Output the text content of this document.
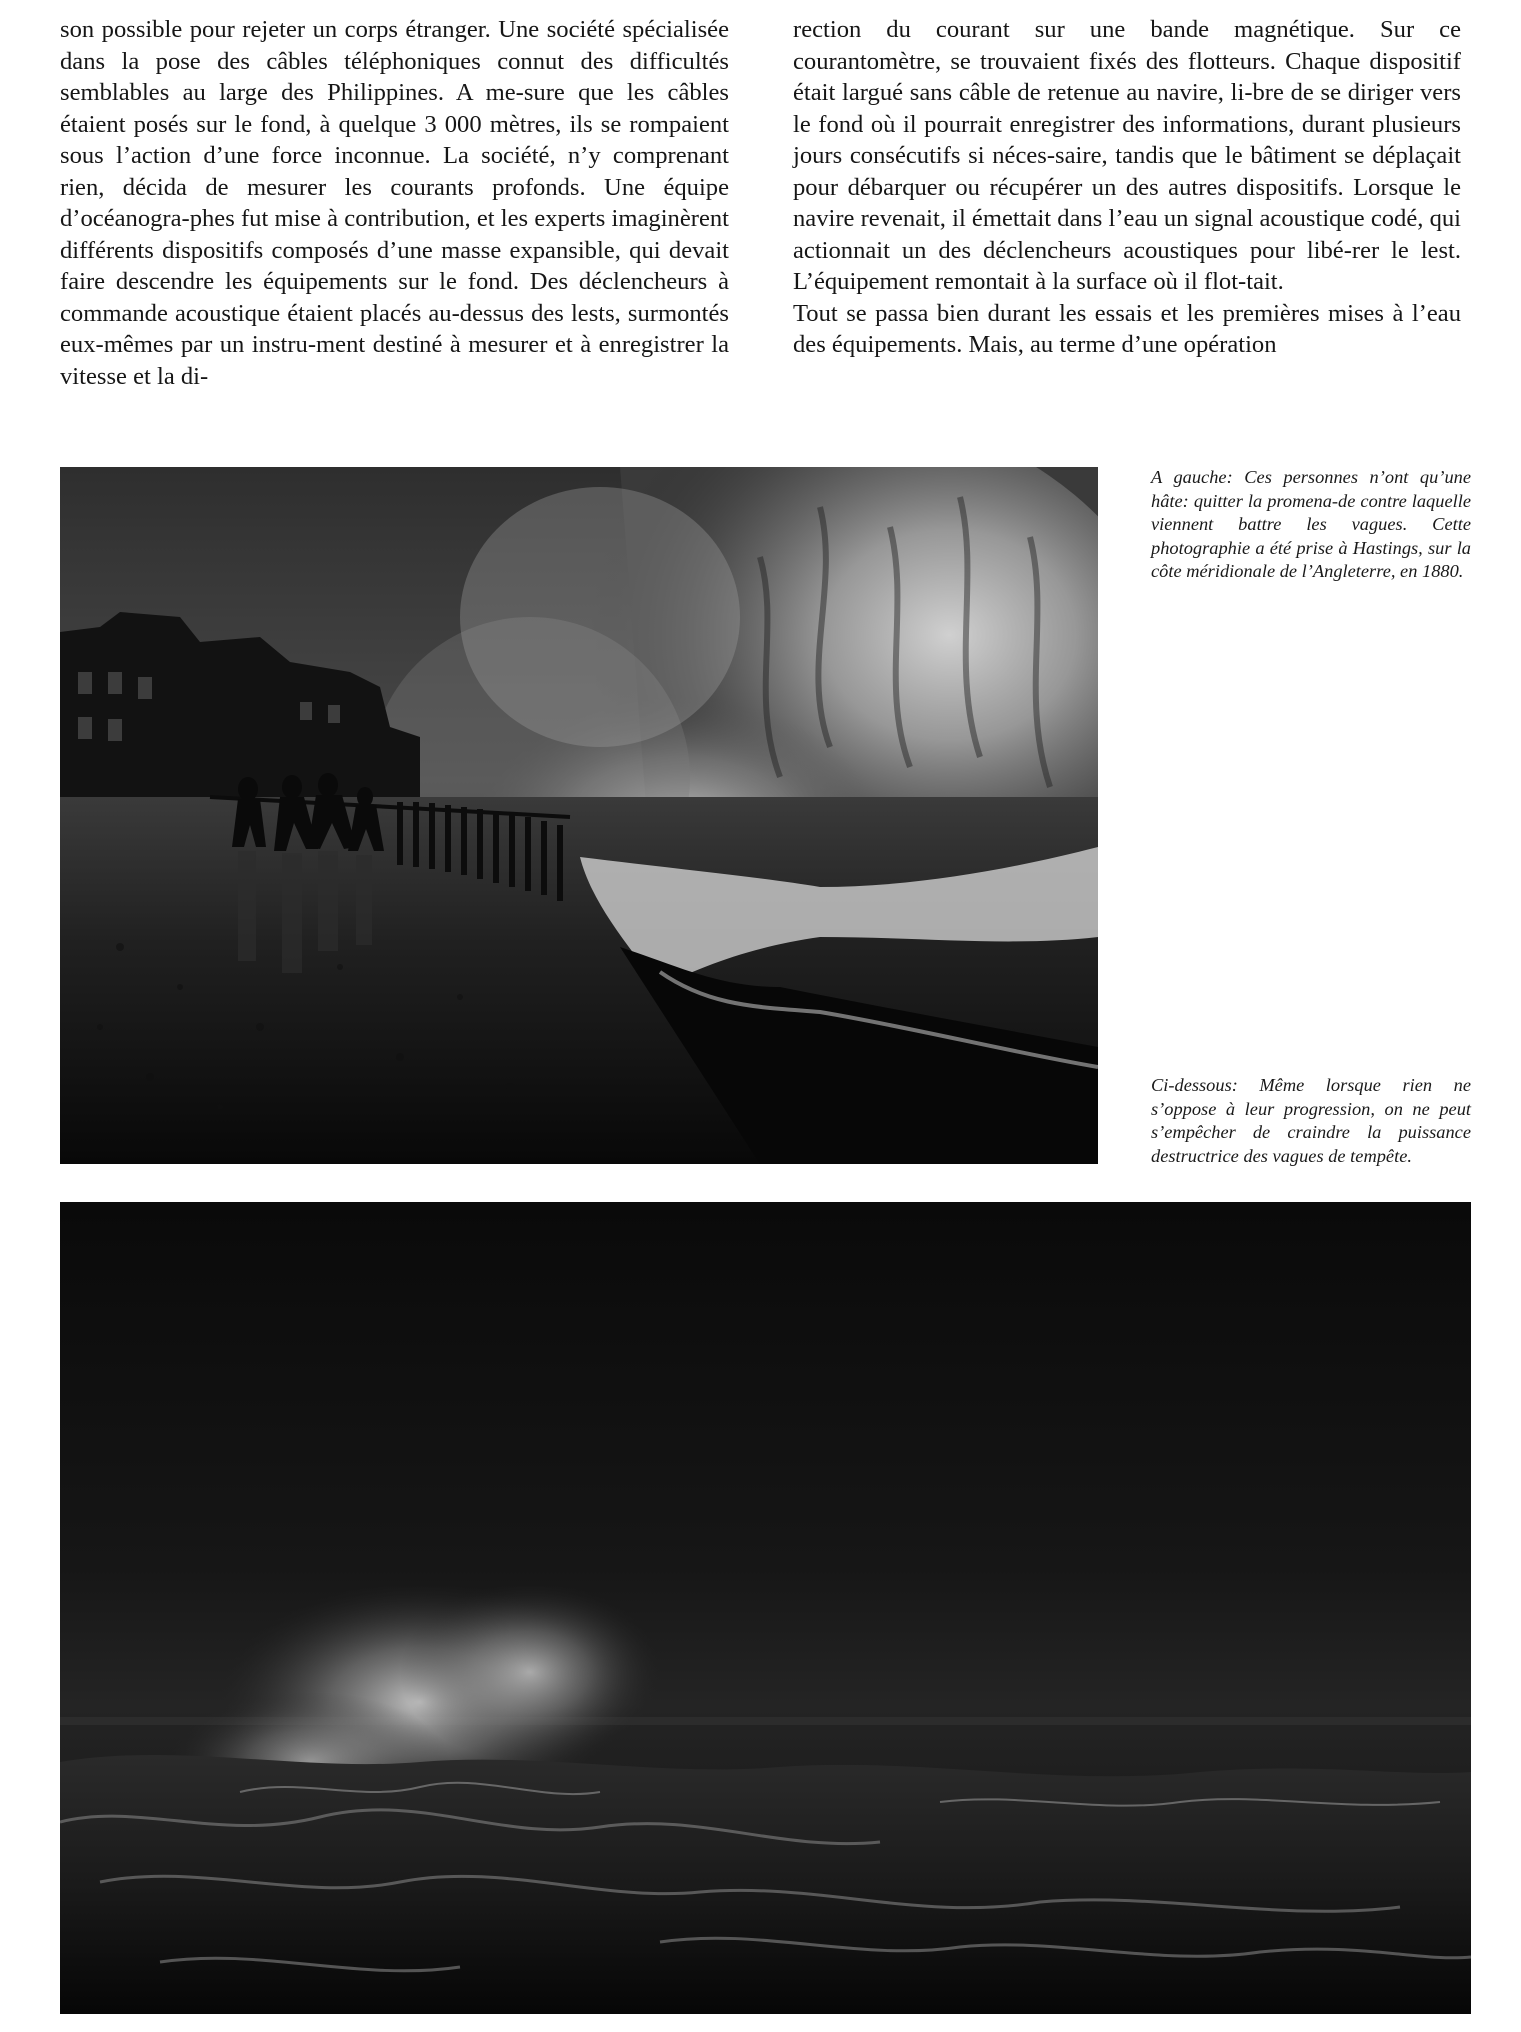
son possible pour rejeter un corps étranger. Une société spécialisée dans la pose des câbles téléphoniques connut des difficultés semblables au large des Philippines. A me-sure que les câbles étaient posés sur le fond, à quelque 3 000 mètres, ils se rompaient sous l’action d’une force inconnue. La société, n’y comprenant rien, décida de mesurer les courants profonds. Une équipe d’océanogra-phes fut mise à contribution, et les experts imaginèrent différents dispositifs composés d’une masse expansible, qui devait faire descendre les équipements sur le fond. Des déclencheurs à commande acoustique étaient placés au-dessus des lests, surmontés eux-mêmes par un instru-ment destiné à mesurer et à enregistrer la vitesse et la di-

rection du courant sur une bande magnétique. Sur ce courantomètre, se trouvaient fixés des flotteurs. Chaque dispositif était largué sans câble de retenue au navire, li-bre de se diriger vers le fond où il pourrait enregistrer des informations, durant plusieurs jours consécutifs si néces-saire, tandis que le bâtiment se déplaçait pour débarquer ou récupérer un des autres dispositifs. Lorsque le navire revenait, il émettait dans l’eau un signal acoustique codé, qui actionnait un des déclencheurs acoustiques pour libé-rer le lest. L’équipement remontait à la surface où il flot-tait.

Tout se passa bien durant les essais et les premières mises à l’eau des équipements. Mais, au terme d’une opération

A gauche: Ces personnes n’ont qu’une hâte: quitter la promena-de contre laquelle viennent battre les vagues. Cette photographie a été prise à Hastings, sur la côte méridionale de l’Angleterre, en 1880.
Ci-dessous: Même lorsque rien ne s’oppose à leur progression, on ne peut s’empêcher de craindre la puissance destructrice des vagues de tempête.
